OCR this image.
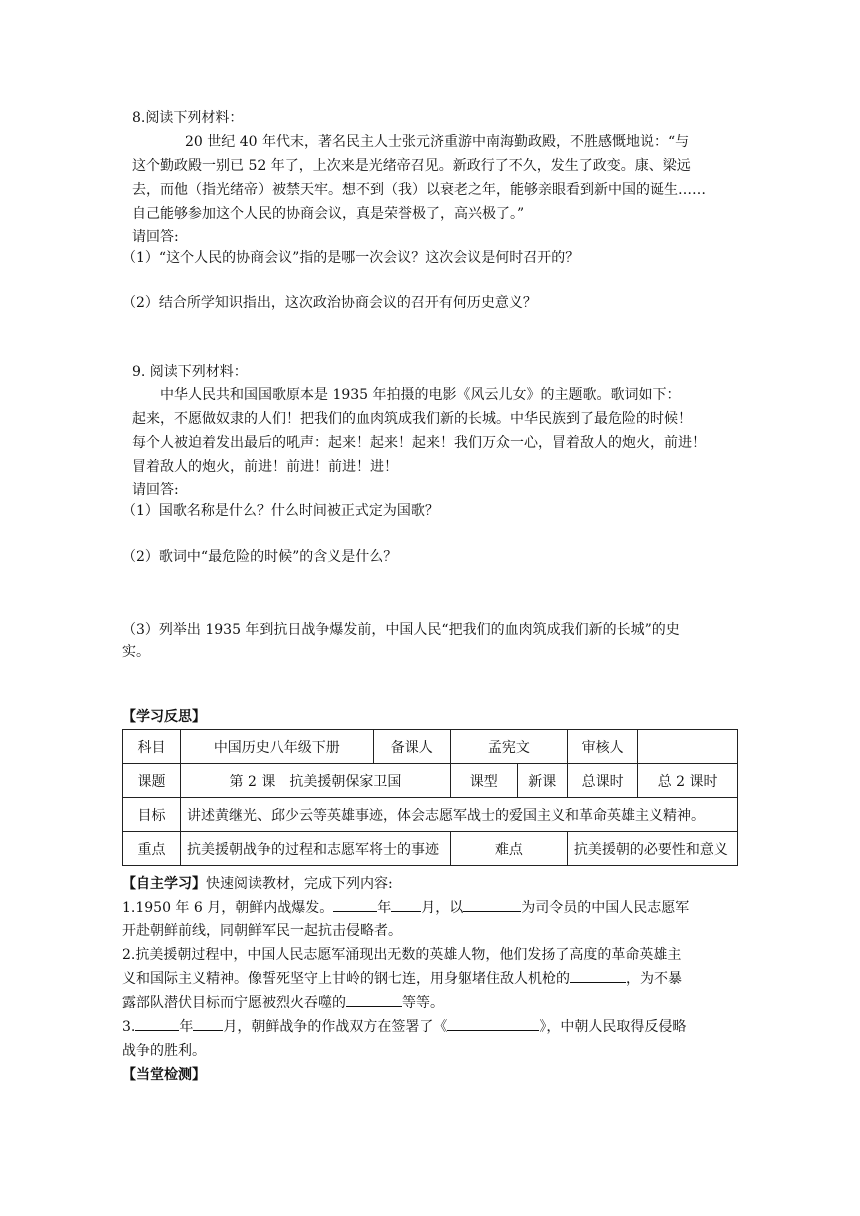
8.阅读下列材料：
20 世纪 40 年代末，著名民主人士张元济重游中南海勤政殿，不胜感慨地说：“与
这个勤政殿一别已 52 年了，上次来是光绪帝召见。新政行了不久，发生了政变。康、梁远
去，而他（指光绪帝）被禁天牢。想不到（我）以衰老之年，能够亲眼看到新中国的诞生……
自己能够参加这个人民的协商会议，真是荣誉极了，高兴极了。”
请回答:
（1）“这个人民的协商会议”指的是哪一次会议？这次会议是何时召开的？
（2）结合所学知识指出，这次政治协商会议的召开有何历史意义？
9. 阅读下列材料：
中华人民共和国国歌原本是 1935 年拍摄的电影《风云儿女》的主题歌。歌词如下：
起来，不愿做奴隶的人们！把我们的血肉筑成我们新的长城。中华民族到了最危险的时候！
每个人被迫着发出最后的吼声：起来！起来！起来！我们万众一心，冒着敌人的炮火，前进！
冒着敌人的炮火，前进！前进！前进！进！
请回答:
（1）国歌名称是什么？什么时间被正式定为国歌？
（2）歌词中“最危险的时候”的含义是什么？
（3）列举出 1935 年到抗日战争爆发前，中国人民“把我们的血肉筑成我们新的长城”的史
实。
【学习反思】
科目	中国历史八年级下册	备课人	孟宪文		审核人	
课题	第 2 课　抗美援朝保家卫国		课型	新课	总课时	总 2 课时
目标	讲述黄继光、邱少云等英雄事迹，体会志愿军战士的爱国主义和革命英雄主义精神。					
重点	抗美援朝战争的过程和志愿军将士的事迹		难点		抗美援朝的必要性和意义	
【自主学习】快速阅读教材，完成下列内容:
1.1950 年 6 月，朝鲜内战爆发。	年 月，以	为司令员的中国人民志愿军
开赴朝鲜前线，同朝鲜军民一起抗击侵略者。
2.抗美援朝过程中，中国人民志愿军涌现出无数的英雄人物，他们发扬了高度的革命英雄主
义和国际主义精神。像誓死坚守上甘岭的钢七连，用身躯堵住敌人机枪的	，为不暴
露部队潜伏目标而宁愿被烈火吞噬的	等等。
3.	年 月，朝鲜战争的作战双方在签署了《	》，中朝人民取得反侵略
战争的胜利。
【当堂检测】
